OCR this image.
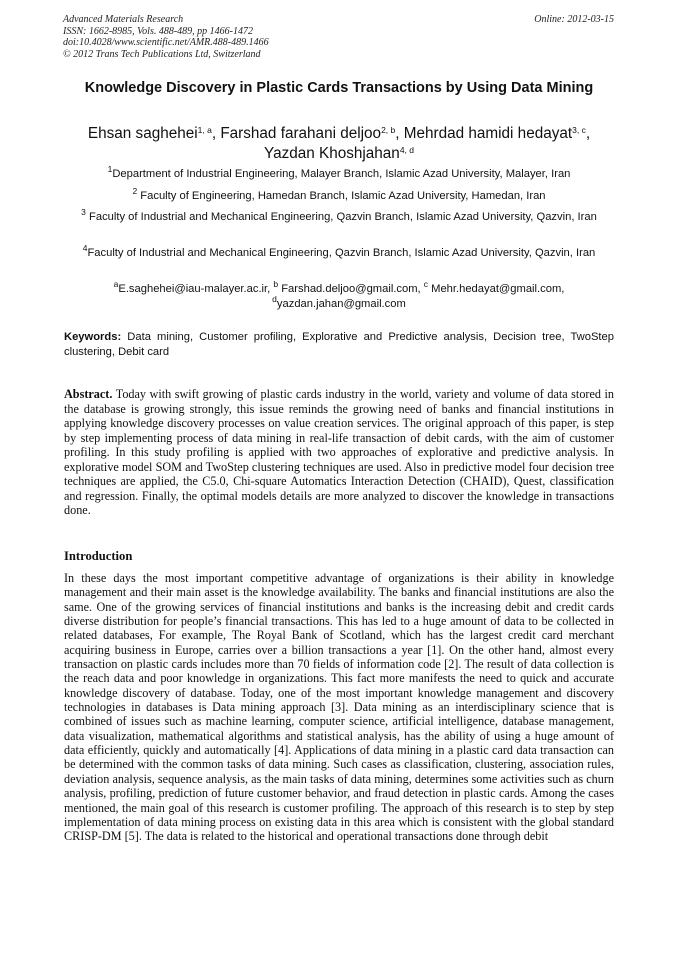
Advanced Materials Research
ISSN: 1662-8985, Vols. 488-489, pp 1466-1472
doi:10.4028/www.scientific.net/AMR.488-489.1466
© 2012 Trans Tech Publications Ltd, Switzerland
Online: 2012-03-15
Knowledge Discovery in Plastic Cards Transactions by Using Data Mining
Ehsan saghehei$^{1, a}$, Farshad farahani deljoo$^{2, b}$, Mehrdad hamidi hedayat$^{3, c}$,
Yazdan Khoshjahan$^{4, d}$
$^1$Department of Industrial Engineering, Malayer Branch, Islamic Azad University, Malayer, Iran
$^2$ Faculty of Engineering, Hamedan Branch, Islamic Azad University, Hamedan, Iran
$^3$ Faculty of Industrial and Mechanical Engineering, Qazvin Branch, Islamic Azad University, Qazvin, Iran
$^4$Faculty of Industrial and Mechanical Engineering, Qazvin Branch, Islamic Azad University, Qazvin, Iran
$^a$E.saghehei@iau-malayer.ac.ir, $^b$ Farshad.deljoo@gmail.com, $^c$ Mehr.hedayat@gmail.com,
$^d$yazdan.jahan@gmail.com
Keywords: Data mining, Customer profiling, Explorative and Predictive analysis, Decision tree, TwoStep clustering, Debit card
Abstract. Today with swift growing of plastic cards industry in the world, variety and volume of data stored in the database is growing strongly, this issue reminds the growing need of banks and financial institutions in applying knowledge discovery processes on value creation services. The original approach of this paper, is step by step implementing process of data mining in real-life transaction of debit cards, with the aim of customer profiling. In this study profiling is applied with two approaches of explorative and predictive analysis. In explorative model SOM and TwoStep clustering techniques are used. Also in predictive model four decision tree techniques are applied, the C5.0, Chi-square Automatics Interaction Detection (CHAID), Quest, classification and regression. Finally, the optimal models details are more analyzed to discover the knowledge in transactions done.
Introduction
In these days the most important competitive advantage of organizations is their ability in knowledge management and their main asset is the knowledge availability. The banks and financial institutions are also the same. One of the growing services of financial institutions and banks is the increasing debit and credit cards diverse distribution for people’s financial transactions. This has led to a huge amount of data to be collected in related databases, For example, The Royal Bank of Scotland, which has the largest credit card merchant acquiring business in Europe, carries over a billion transactions a year [1]. On the other hand, almost every transaction on plastic cards includes more than 70 fields of information code [2]. The result of data collection is the reach data and poor knowledge in organizations. This fact more manifests the need to quick and accurate knowledge discovery of database. Today, one of the most important knowledge management and discovery technologies in databases is Data mining approach [3]. Data mining as an interdisciplinary science that is combined of issues such as machine learning, computer science, artificial intelligence, database management, data visualization, mathematical algorithms and statistical analysis, has the ability of using a huge amount of data efficiently, quickly and automatically [4]. Applications of data mining in a plastic card data transaction can be determined with the common tasks of data mining. Such cases as classification, clustering, association rules, deviation analysis, sequence analysis, as the main tasks of data mining, determines some activities such as churn analysis, profiling, prediction of future customer behavior, and fraud detection in plastic cards. Among the cases mentioned, the main goal of this research is customer profiling. The approach of this research is to step by step implementation of data mining process on existing data in this area which is consistent with the global standard CRISP-DM [5]. The data is related to the historical and operational transactions done through debit
